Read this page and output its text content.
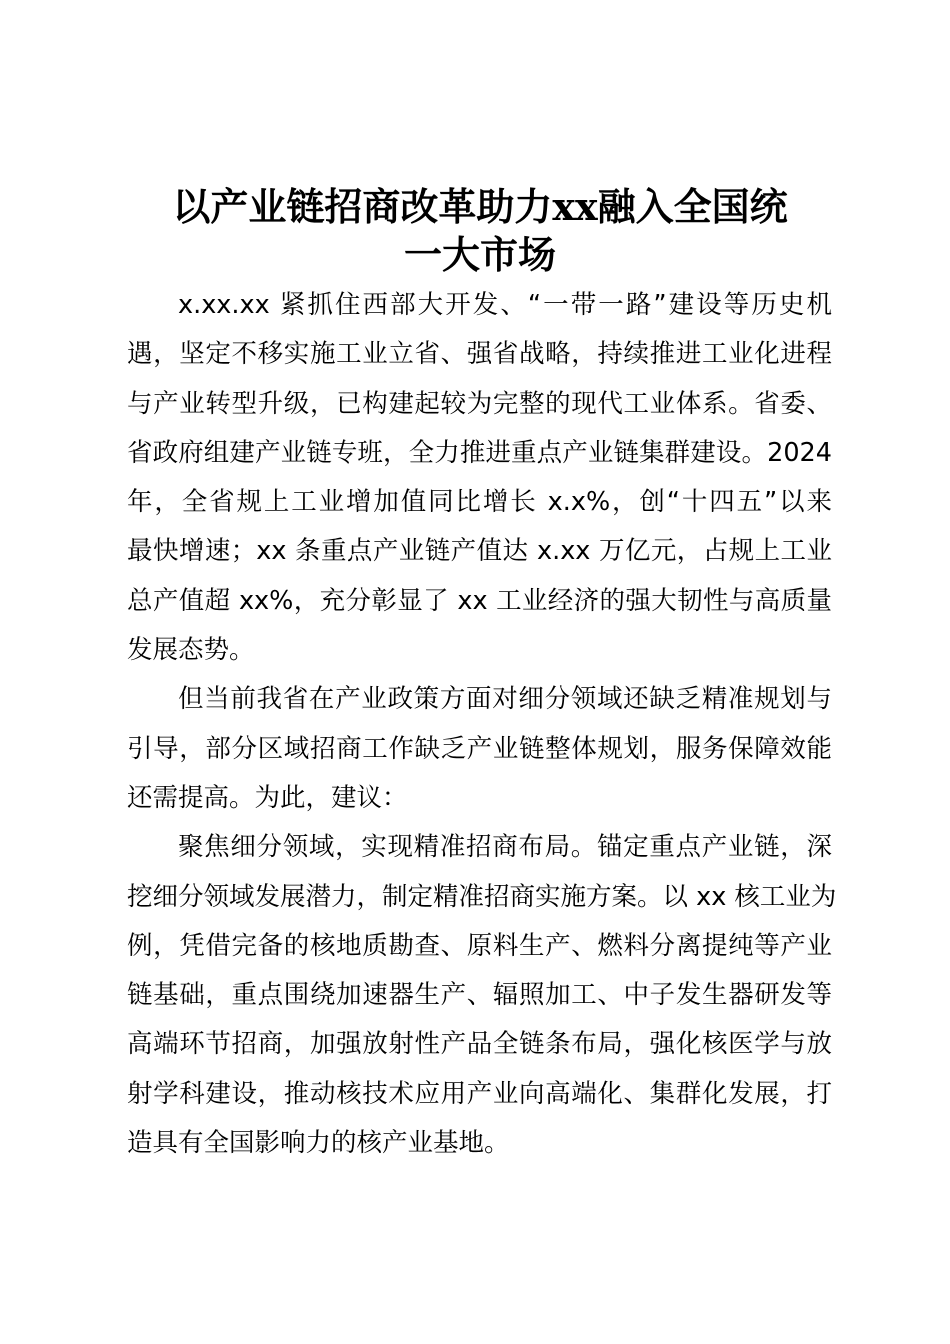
以产业链招商改革助力xx融入全国统
一大市场
x.xx.xx 紧抓住西部大开发、“一带一路”建设等历史机
遇，坚定不移实施工业立省、强省战略，持续推进工业化进程
与产业转型升级，已构建起较为完整的现代工业体系。省委、
省政府组建产业链专班，全力推进重点产业链集群建设。2024
年，全省规上工业增加值同比增长 x.x%，创“十四五”以来
最快增速；xx 条重点产业链产值达 x.xx 万亿元，占规上工业
总产值超 xx%，充分彰显了 xx 工业经济的强大韧性与高质量
发展态势。
但当前我省在产业政策方面对细分领域还缺乏精准规划与
引导，部分区域招商工作缺乏产业链整体规划，服务保障效能
还需提高。为此，建议：
聚焦细分领域，实现精准招商布局。锚定重点产业链，深
挖细分领域发展潜力，制定精准招商实施方案。以 xx 核工业为
例，凭借完备的核地质勘查、原料生产、燃料分离提纯等产业
链基础，重点围绕加速器生产、辐照加工、中子发生器研发等
高端环节招商，加强放射性产品全链条布局，强化核医学与放
射学科建设，推动核技术应用产业向高端化、集群化发展，打
造具有全国影响力的核产业基地。
